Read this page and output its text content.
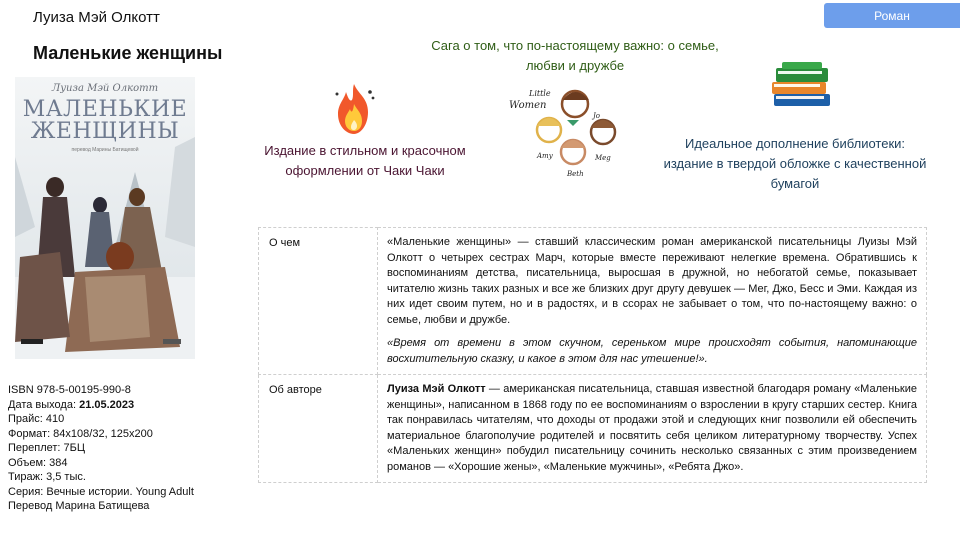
Луиза Мэй Олкотт
Маленькие женщины
Роман
Луиза Мэй Олкотт
МАЛЕНЬКИЕ
ЖЕНЩИНЫ
перевод Марины Батищевой	Издание в стильном и красочном оформлении от Чаки Чаки
Сага о том, что по-настоящему важно: о семье, любви и дружбе
Идеальное дополнение библиотеки: издание в твердой обложке с качественной бумагой
Little
Women
Jo
Amy	Meg
Beth
ISBN 978-5-00195-990-8
Дата выхода: 21.05.2023
Прайс: 410
Формат: 84х108/32, 125х200
Переплет: 7БЦ
Объем: 384
Тираж: 3,5 тыс.
Серия: Вечные истории. Young Adult
Перевод Марина Батищева
О чем	«Маленькие женщины» — ставший классическим роман американской писательницы Луизы Мэй Олкотт о четырех сестрах Марч, которые вместе переживают нелегкие времена. Обратившись к воспоминаниям детства, писательница, выросшая в дружной, но небогатой семье, показывает читателю жизнь таких разных и все же близких друг другу девушек — Мег, Джо, Бесс и Эми. Каждая из них идет своим путем, но и в радостях, и в ссорах не забывает о том, что по-настоящему важно: о семье, любви и дружбе.

«Время от времени в этом скучном, сереньком мире происходят события, напоминающие восхитительную сказку, и какое в этом для нас утешение!».

Об авторе	Луиза Мэй Олкотт — американская писательница, ставшая известной благодаря роману «Маленькие женщины», написанном в 1868 году по ее воспоминаниям о взрослении в кругу старших сестер. Книга так понравилась читателям, что доходы от продажи этой и следующих книг позволили ей обеспечить материальное благополучие родителей и посвятить себя целиком литературному творчеству. Успех «Маленьких женщин» побудил писательницу сочинить несколько связанных с этим произведением романов — «Хорошие жены», «Маленькие мужчины», «Ребята Джо».
